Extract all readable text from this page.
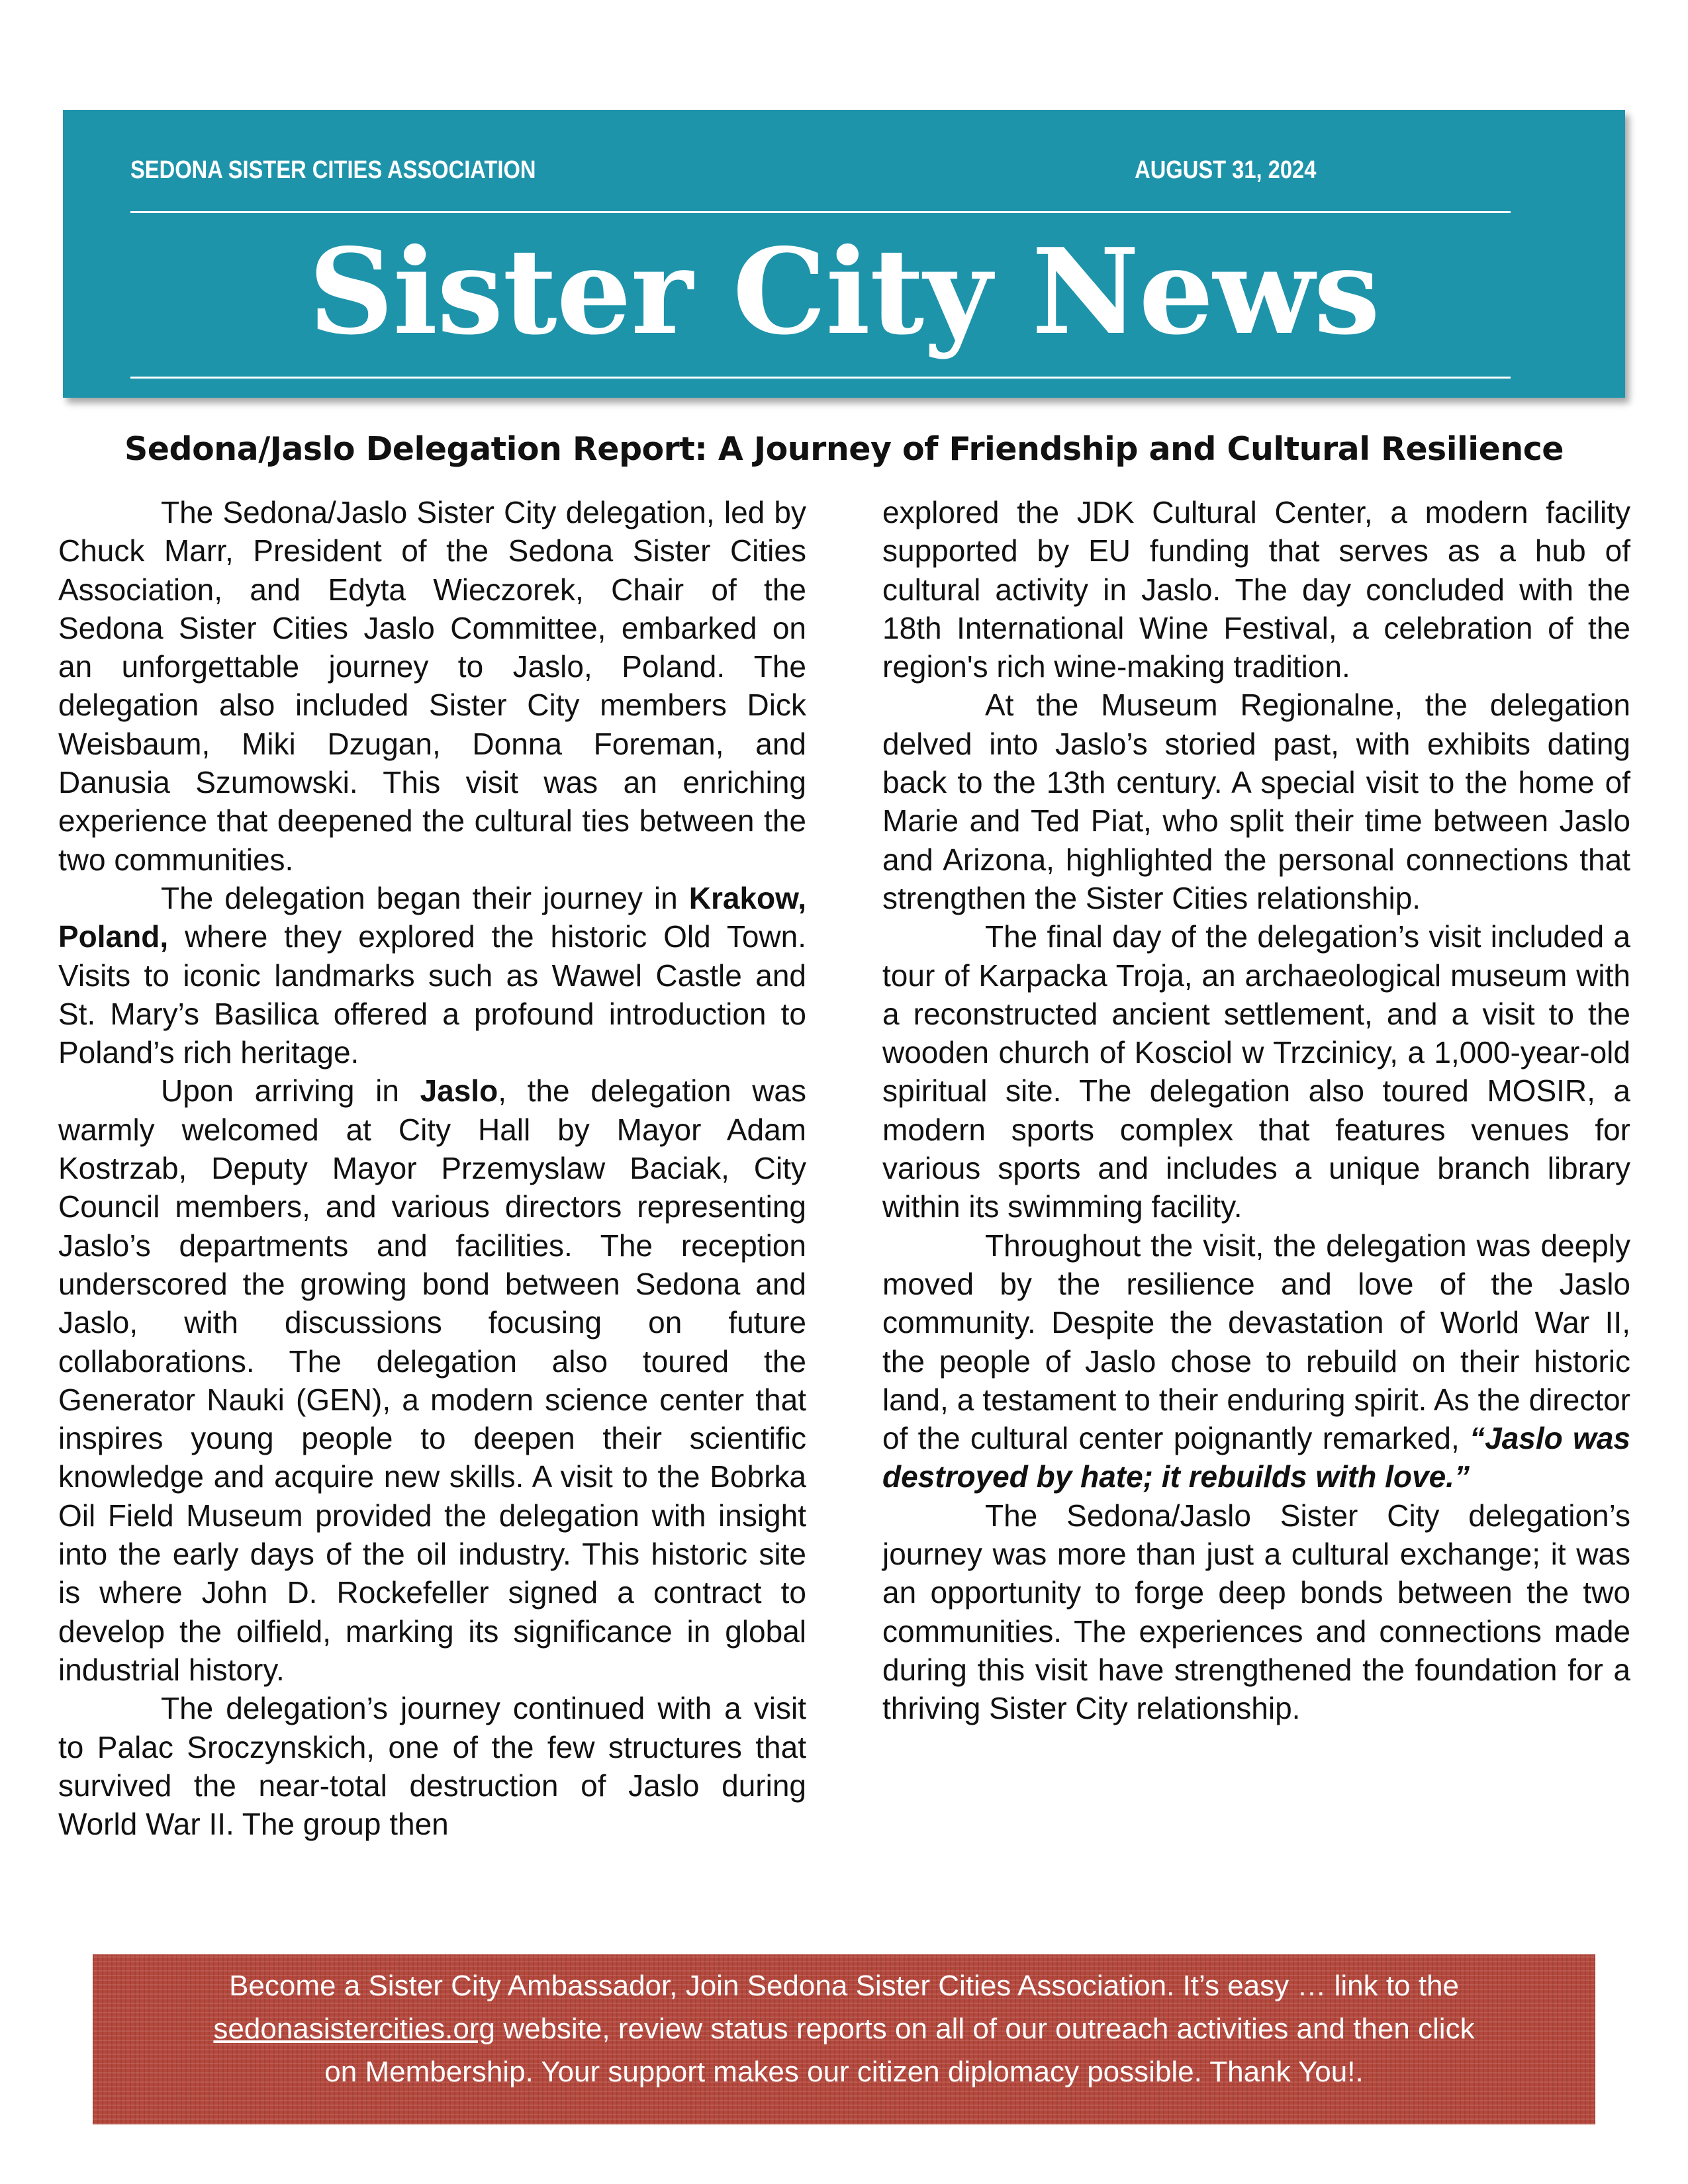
SEDONA SISTER CITIES ASSOCIATION	AUGUST 31, 2024
Sister City News
Sedona/Jaslo Delegation Report: A Journey of Friendship and Cultural Resilience

The Sedona/Jaslo Sister City delegation, led by Chuck Marr, President of the Sedona Sister Cities Association, and Edyta Wieczorek, Chair of the Sedona Sister Cities Jaslo Committee, embarked on an unforgettable journey to Jaslo, Poland. The delegation also included Sister City members Dick Weisbaum, Miki Dzugan, Donna Foreman, and Danusia Szumowski. This visit was an enriching experience that deepened the cultural ties between the two communities.

The delegation began their journey in Krakow, Poland, where they explored the historic Old Town. Visits to iconic landmarks such as Wawel Castle and St. Mary’s Basilica offered a profound introduction to Poland’s rich heritage.

Upon arriving in Jaslo, the delegation was warmly welcomed at City Hall by Mayor Adam Kostrzab, Deputy Mayor Przemyslaw Baciak, City Council members, and various directors representing Jaslo’s departments and facilities. The reception underscored the growing bond between Sedona and Jaslo, with discussions focusing on future collaborations. The delegation also toured the Generator Nauki (GEN), a modern science center that inspires young people to deepen their scientific knowledge and acquire new skills. A visit to the Bobrka Oil Field Museum provided the delegation with insight into the early days of the oil industry. This historic site is where John D. Rockefeller signed a contract to develop the oilfield, marking its significance in global industrial history.

The delegation’s journey continued with a visit to Palac Sroczynskich, one of the few structures that survived the near-total destruction of Jaslo during World War II. The group then

explored the JDK Cultural Center, a modern facility supported by EU funding that serves as a hub of cultural activity in Jaslo. The day concluded with the 18th International Wine Festival, a celebration of the region's rich wine-making tradition.

At the Museum Regionalne, the delegation delved into Jaslo’s storied past, with exhibits dating back to the 13th century. A special visit to the home of Marie and Ted Piat, who split their time between Jaslo and Arizona, highlighted the personal connections that strengthen the Sister Cities relationship.

The final day of the delegation’s visit included a tour of Karpacka Troja, an archaeological museum with a reconstructed ancient settlement, and a visit to the wooden church of Kosciol w Trzcinicy, a 1,000-year-old spiritual site. The delegation also toured MOSIR, a modern sports complex that features venues for various sports and includes a unique branch library within its swimming facility.

Throughout the visit, the delegation was deeply moved by the resilience and love of the Jaslo community. Despite the devastation of World War II, the people of Jaslo chose to rebuild on their historic land, a testament to their enduring spirit. As the director of the cultural center poignantly remarked, “Jaslo was destroyed by hate; it rebuilds with love.”

The Sedona/Jaslo Sister City delegation’s journey was more than just a cultural exchange; it was an opportunity to forge deep bonds between the two communities. The experiences and connections made during this visit have strengthened the foundation for a thriving Sister City relationship.

Become a Sister City Ambassador, Join Sedona Sister Cities Association. It’s easy … link to the
sedonasistercities.org website, review status reports on all of our outreach activities and then click
on Membership. Your support makes our citizen diplomacy possible. Thank You!.
